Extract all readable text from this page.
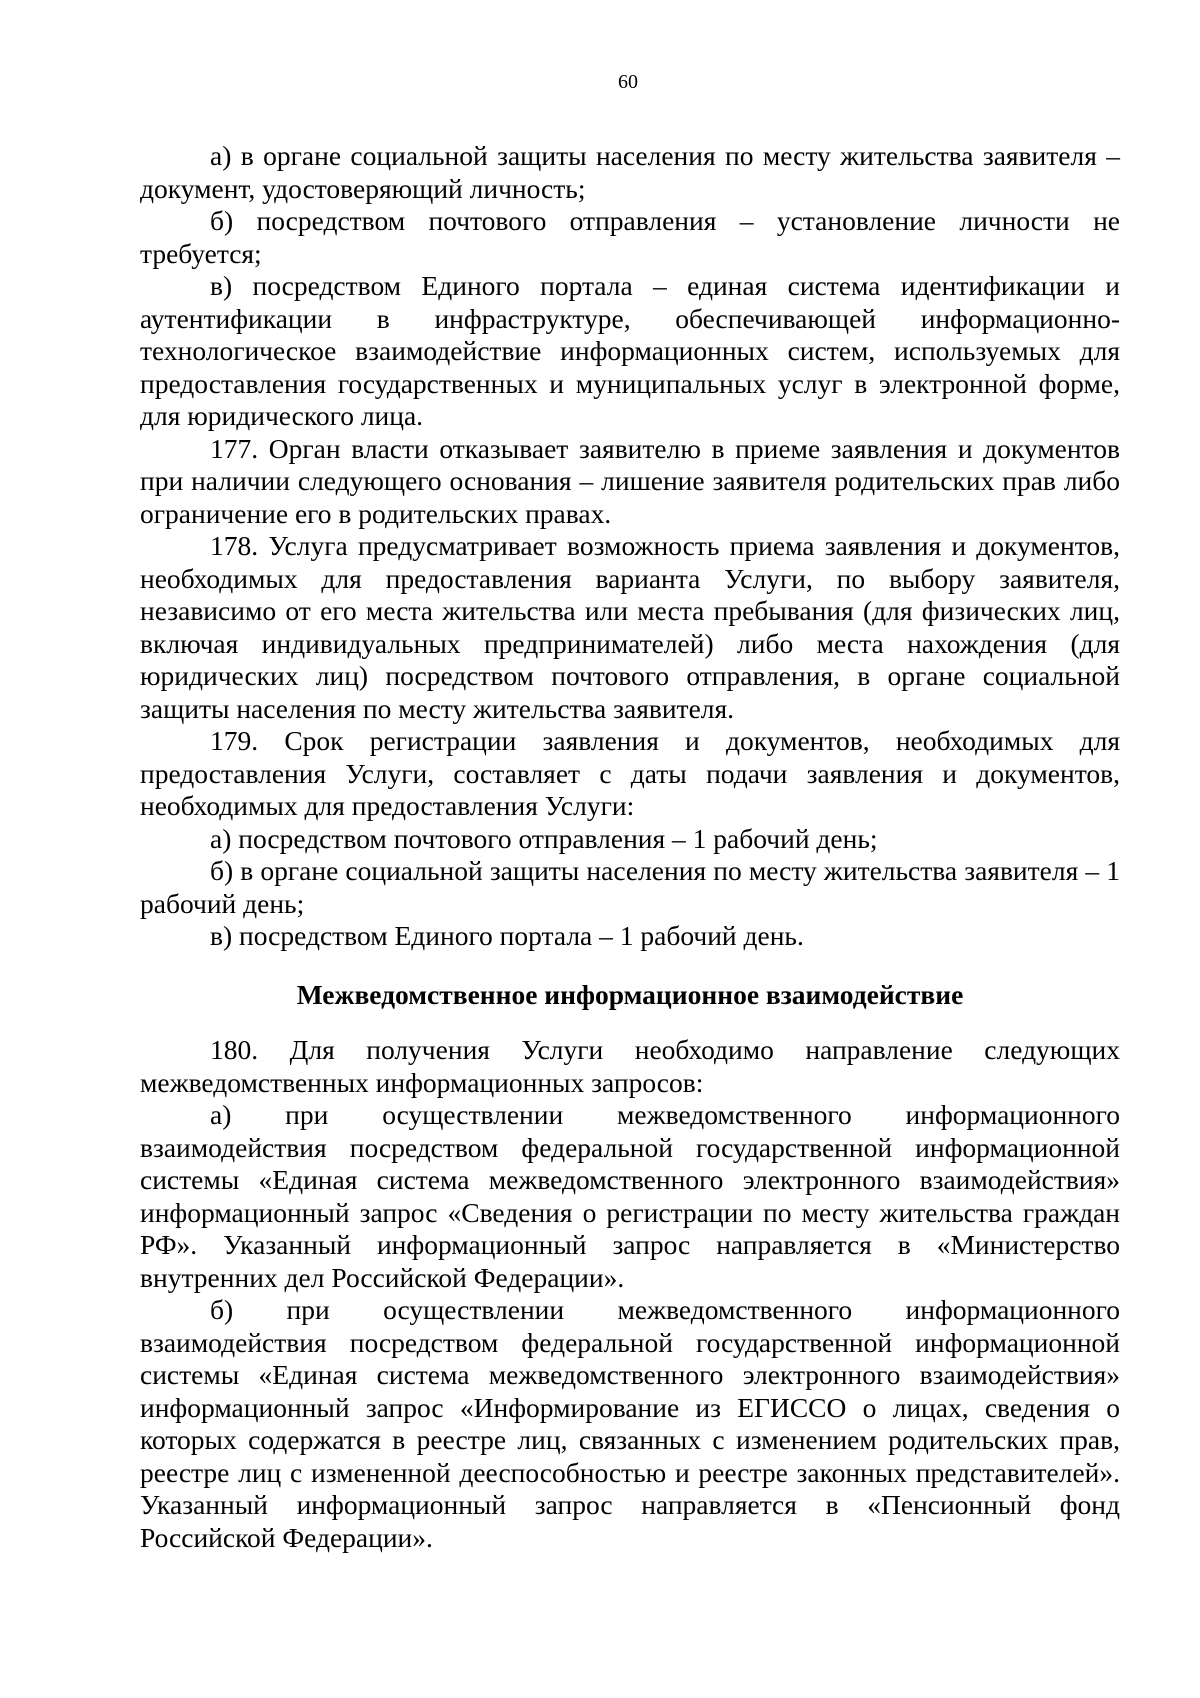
60

а) в органе социальной защиты населения по месту жительства заявителя – документ, удостоверяющий личность;

б) посредством почтового отправления – установление личности не требуется;

в) посредством Единого портала – единая система идентификации и аутентификации в инфраструктуре, обеспечивающей информационно-технологическое взаимодействие информационных систем, используемых для предоставления государственных и муниципальных услуг в электронной форме, для юридического лица.

177. Орган власти отказывает заявителю в приеме заявления и документов при наличии следующего основания – лишение заявителя родительских прав либо ограничение его в родительских правах.

178. Услуга предусматривает возможность приема заявления и документов, необходимых для предоставления варианта Услуги, по выбору заявителя, независимо от его места жительства или места пребывания (для физических лиц, включая индивидуальных предпринимателей) либо места нахождения (для юридических лиц) посредством почтового отправления, в органе социальной защиты населения по месту жительства заявителя.

179. Срок регистрации заявления и документов, необходимых для предоставления Услуги, составляет с даты подачи заявления и документов, необходимых для предоставления Услуги:

а) посредством почтового отправления – 1 рабочий день;

б) в органе социальной защиты населения по месту жительства заявителя – 1 рабочий день;

в) посредством Единого портала – 1 рабочий день.

Межведомственное информационное взаимодействие

180. Для получения Услуги необходимо направление следующих межведомственных информационных запросов:

а) при осуществлении межведомственного информационного взаимодействия посредством федеральной государственной информационной системы «Единая система межведомственного электронного взаимодействия» информационный запрос «Сведения о регистрации по месту жительства граждан РФ». Указанный информационный запрос направляется в «Министерство внутренних дел Российской Федерации».

б) при осуществлении межведомственного информационного взаимодействия посредством федеральной государственной информационной системы «Единая система межведомственного электронного взаимодействия» информационный запрос «Информирование из ЕГИССО о лицах, сведения о которых содержатся в реестре лиц, связанных с изменением родительских прав, реестре лиц с измененной дееспособностью и реестре законных представителей». Указанный информационный запрос направляется в «Пенсионный фонд Российской Федерации».
